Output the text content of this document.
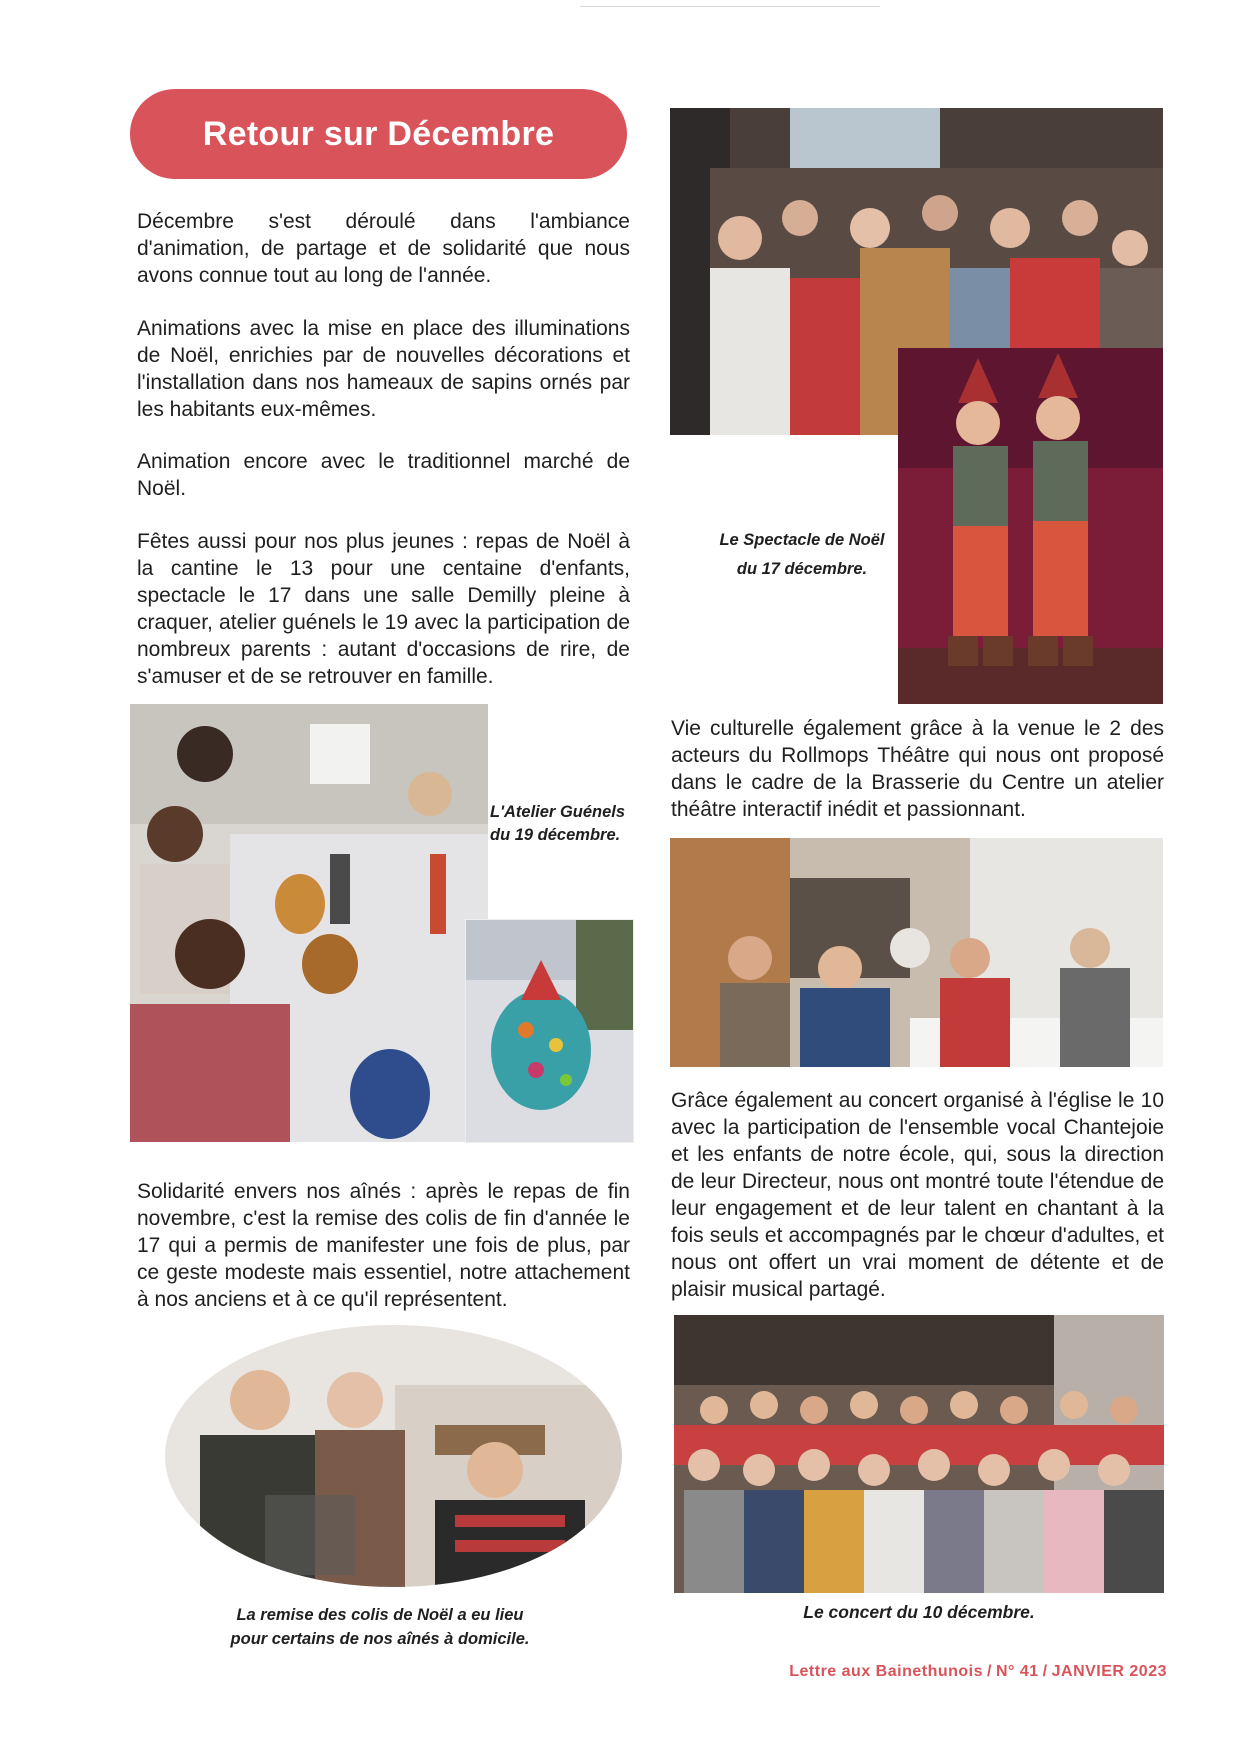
Retour sur Décembre

Décembre s'est déroulé dans l'ambiance d'animation, de partage et de solidarité que nous avons connue tout au long de l'année.

Animations avec la mise en place des illuminations de Noël, enrichies par de nouvelles décorations et l'installation dans nos hameaux de sapins ornés par les habitants eux-mêmes.

Animation encore avec le traditionnel marché de Noël.

Fêtes aussi pour nos plus jeunes : repas de Noël à la cantine le 13 pour une centaine d'enfants, spectacle le 17 dans une salle Demilly pleine à craquer, atelier guénels le 19 avec la participation de nombreux parents : autant d'occasions de rire, de s'amuser et de se retrouver en famille.

Le Spectacle de Noël

du 17 décembre.

L'Atelier Guénels

du 19 décembre.

Vie culturelle également grâce à la venue le 2 des acteurs du Rollmops Théâtre qui nous ont proposé dans le cadre de la Brasserie du Centre un atelier théâtre interactif inédit et passionnant.

Grâce également au concert organisé à l'église le 10 avec la participation de l'ensemble vocal Chantejoie et les enfants de notre école, qui, sous la direction de leur Directeur, nous ont montré toute l'étendue de leur engagement et de leur talent en chantant à la fois seuls et accompagnés par le chœur d'adultes, et nous ont offert un vrai moment de détente et de plaisir musical partagé.

Le concert du 10 décembre.

Solidarité envers nos aînés : après le repas de fin novembre, c'est la remise des colis de fin d'année le 17 qui a permis de manifester une fois de plus, par ce geste modeste mais essentiel, notre attachement à nos anciens et à ce qu'il représentent.

La remise des colis de Noël a eu lieu

pour certains de nos aînés à domicile.

Lettre aux Bainethunois / N° 41 / JANVIER 2023
